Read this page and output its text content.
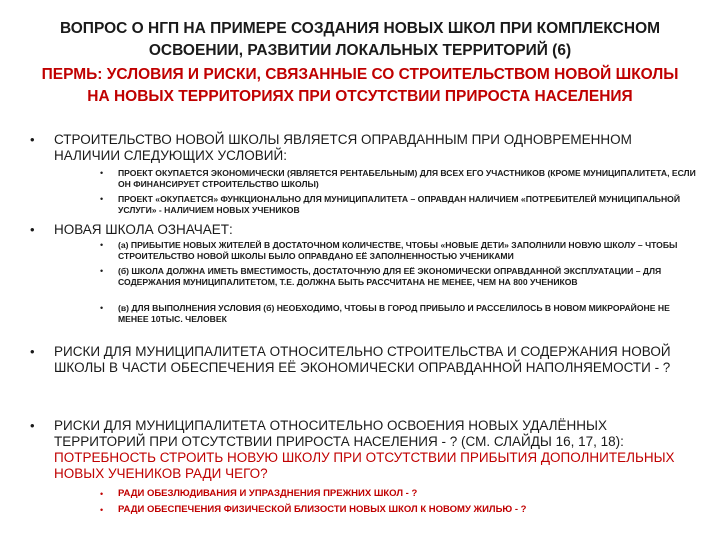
ВОПРОС О НГП НА ПРИМЕРЕ СОЗДАНИЯ НОВЫХ ШКОЛ ПРИ КОМПЛЕКСНОМ
ОСВОЕНИИ, РАЗВИТИИ ЛОКАЛЬНЫХ ТЕРРИТОРИЙ (6)
ПЕРМЬ: УСЛОВИЯ И РИСКИ, СВЯЗАННЫЕ СО СТРОИТЕЛЬСТВОМ НОВОЙ ШКОЛЫ
НА НОВЫХ ТЕРРИТОРИЯХ ПРИ ОТСУТСТВИИ ПРИРОСТА НАСЕЛЕНИЯ
• СТРОИТЕЛЬСТВО НОВОЙ ШКОЛЫ ЯВЛЯЕТСЯ ОПРАВДАННЫМ ПРИ ОДНОВРЕМЕННОМ НАЛИЧИИ СЛЕДУЮЩИХ УСЛОВИЙ:
• ПРОЕКТ ОКУПАЕТСЯ ЭКОНОМИЧЕСКИ (ЯВЛЯЕТСЯ РЕНТАБЕЛЬНЫМ) ДЛЯ ВСЕХ ЕГО УЧАСТНИКОВ (КРОМЕ МУНИЦИПАЛИТЕТА, ЕСЛИ ОН ФИНАНСИРУЕТ СТРОИТЕЛЬСТВО ШКОЛЫ)
• ПРОЕКТ «ОКУПАЕТСЯ» ФУНКЦИОНАЛЬНО ДЛЯ МУНИЦИПАЛИТЕТА – ОПРАВДАН НАЛИЧИЕМ «ПОТРЕБИТЕЛЕЙ МУНИЦИПАЛЬНОЙ УСЛУГИ» - НАЛИЧИЕМ НОВЫХ УЧЕНИКОВ
• НОВАЯ ШКОЛА ОЗНАЧАЕТ:
• (а) ПРИБЫТИЕ НОВЫХ ЖИТЕЛЕЙ В ДОСТАТОЧНОМ КОЛИЧЕСТВЕ, ЧТОБЫ «НОВЫЕ ДЕТИ» ЗАПОЛНИЛИ НОВУЮ ШКОЛУ – ЧТОБЫ СТРОИТЕЛЬСТВО НОВОЙ ШКОЛЫ БЫЛО ОПРАВДАНО ЕЁ ЗАПОЛНЕННОСТЬЮ УЧЕНИКАМИ
• (б) ШКОЛА ДОЛЖНА ИМЕТЬ ВМЕСТИМОСТЬ, ДОСТАТОЧНУЮ ДЛЯ ЕЁ ЭКОНОМИЧЕСКИ ОПРАВДАННОЙ ЭКСПЛУАТАЦИИ – ДЛЯ СОДЕРЖАНИЯ МУНИЦИПАЛИТЕТОМ, Т.Е. ДОЛЖНА БЫТЬ РАССЧИТАНА НЕ МЕНЕЕ, ЧЕМ НА 800 УЧЕНИКОВ
• (в) ДЛЯ ВЫПОЛНЕНИЯ УСЛОВИЯ (б) НЕОБХОДИМО, ЧТОБЫ В ГОРОД ПРИБЫЛО И РАССЕЛИЛОСЬ В НОВОМ МИКРОРАЙОНЕ НЕ МЕНЕЕ 10ТЫС. ЧЕЛОВЕК
• РИСКИ ДЛЯ МУНИЦИПАЛИТЕТА ОТНОСИТЕЛЬНО СТРОИТЕЛЬСТВА И СОДЕРЖАНИЯ НОВОЙ ШКОЛЫ В ЧАСТИ ОБЕСПЕЧЕНИЯ ЕЁ ЭКОНОМИЧЕСКИ ОПРАВДАННОЙ НАПОЛНЯЕМОСТИ - ?
• РИСКИ ДЛЯ МУНИЦИПАЛИТЕТА ОТНОСИТЕЛЬНО ОСВОЕНИЯ НОВЫХ УДАЛЁННЫХ ТЕРРИТОРИЙ ПРИ ОТСУТСТВИИ ПРИРОСТА НАСЕЛЕНИЯ - ? (СМ. СЛАЙДЫ 16, 17, 18): ПОТРЕБНОСТЬ СТРОИТЬ НОВУЮ ШКОЛУ ПРИ ОТСУТСТВИИ ПРИБЫТИЯ ДОПОЛНИТЕЛЬНЫХ НОВЫХ УЧЕНИКОВ РАДИ ЧЕГО?
• РАДИ ОБЕЗЛЮДИВАНИЯ И УПРАЗДНЕНИЯ ПРЕЖНИХ ШКОЛ - ?
• РАДИ ОБЕСПЕЧЕНИЯ ФИЗИЧЕСКОЙ БЛИЗОСТИ НОВЫХ ШКОЛ К НОВОМУ ЖИЛЬЮ - ?
